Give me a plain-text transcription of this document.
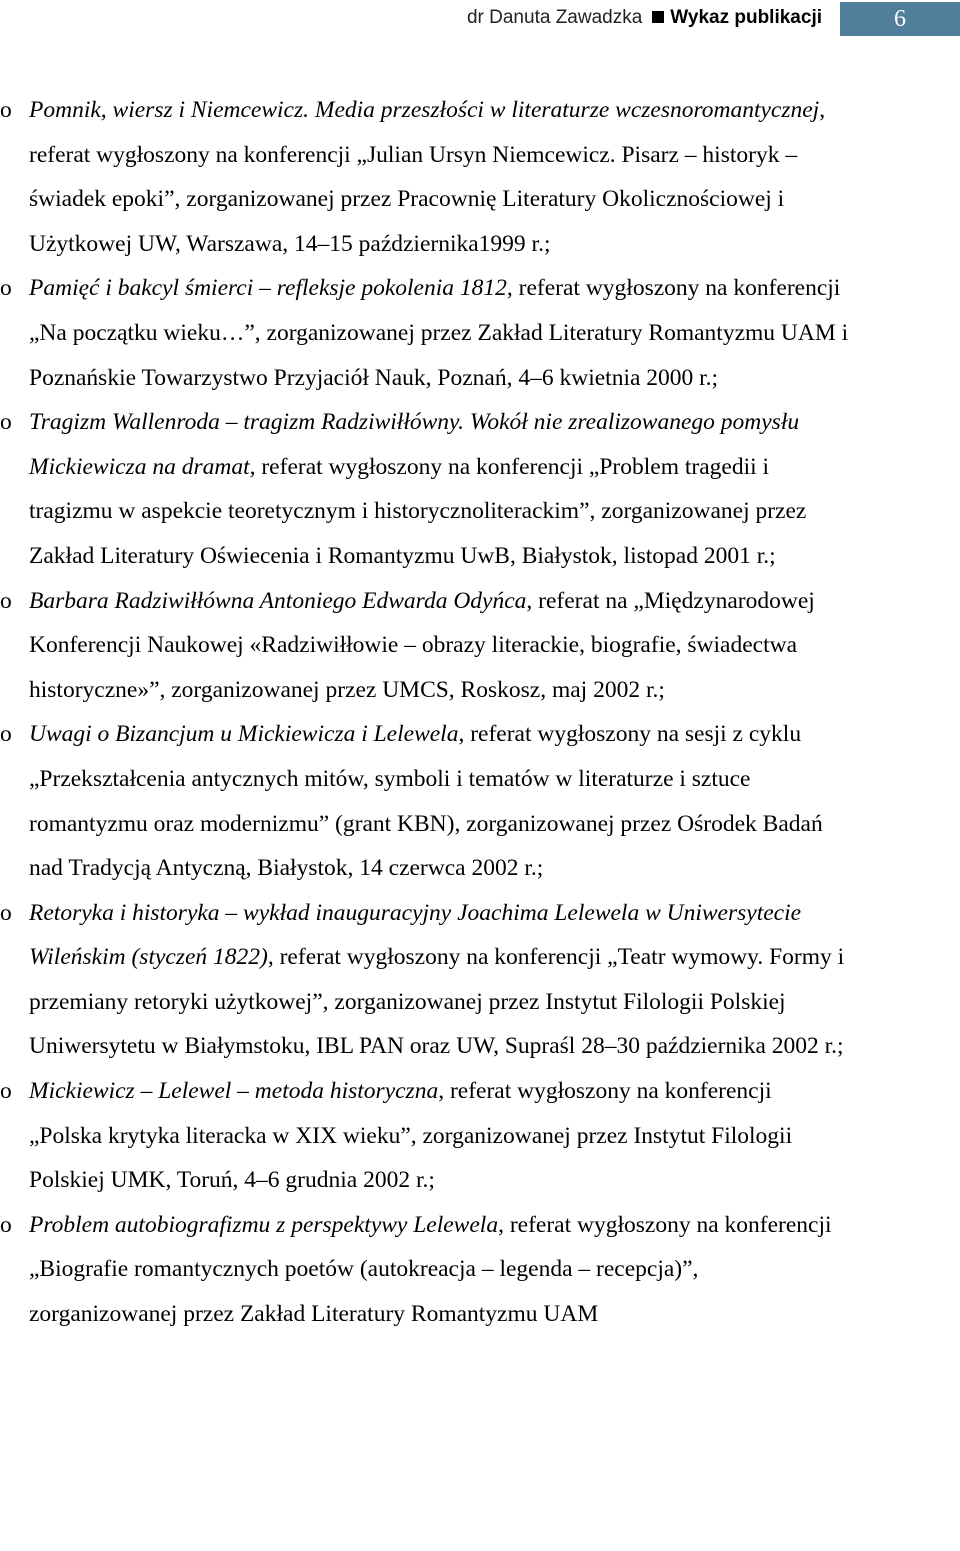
dr Danuta Zawadzka Wykaz publikacji	6
o Pomnik, wiersz i Niemcewicz. Media przeszłości w literaturze wczesnoromantycznej, referat wygłoszony na konferencji „Julian Ursyn Niemcewicz. Pisarz – historyk – świadek epoki”, zorganizowanej przez Pracownię Literatury Okolicznościowej i Użytkowej UW, Warszawa, 14–15 października1999 r.;
o Pamięć i bakcyl śmierci – refleksje pokolenia 1812, referat wygłoszony na konferencji „Na początku wieku…”, zorganizowanej przez Zakład Literatury Romantyzmu UAM i Poznańskie Towarzystwo Przyjaciół Nauk, Poznań, 4–6 kwietnia 2000 r.;
o Tragizm Wallenroda – tragizm Radziwiłłówny. Wokół nie zrealizowanego pomysłu Mickiewicza na dramat, referat wygłoszony na konferencji „Problem tragedii i tragizmu w aspekcie teoretycznym i historycznoliterackim”, zorganizowanej przez Zakład Literatury Oświecenia i Romantyzmu UwB, Białystok, listopad 2001 r.;
o Barbara Radziwiłłówna Antoniego Edwarda Odyńca, referat na „Międzynarodowej Konferencji Naukowej «Radziwiłłowie – obrazy literackie, biografie, świadectwa historyczne»”, zorganizowanej przez UMCS, Roskosz, maj 2002 r.;
o Uwagi o Bizancjum u Mickiewicza i Lelewela, referat wygłoszony na sesji z cyklu „Przekształcenia antycznych mitów, symboli i tematów w literaturze i sztuce romantyzmu oraz modernizmu” (grant KBN), zorganizowanej przez Ośrodek Badań nad Tradycją Antyczną, Białystok, 14 czerwca 2002 r.;
o Retoryka i historyka – wykład inauguracyjny Joachima Lelewela w Uniwersytecie Wileńskim (styczeń 1822), referat wygłoszony na konferencji „Teatr wymowy. Formy i przemiany retoryki użytkowej”, zorganizowanej przez Instytut Filologii Polskiej Uniwersytetu w Białymstoku, IBL PAN oraz UW, Supraśl 28–30 października 2002 r.;
o Mickiewicz – Lelewel – metoda historyczna, referat wygłoszony na konferencji „Polska krytyka literacka w XIX wieku”, zorganizowanej przez Instytut Filologii Polskiej UMK, Toruń, 4–6 grudnia 2002 r.;
o Problem autobiografizmu z perspektywy Lelewela, referat wygłoszony na konferencji „Biografie romantycznych poetów (autokreacja – legenda – recepcja)”, zorganizowanej przez Zakład Literatury Romantyzmu UAM
